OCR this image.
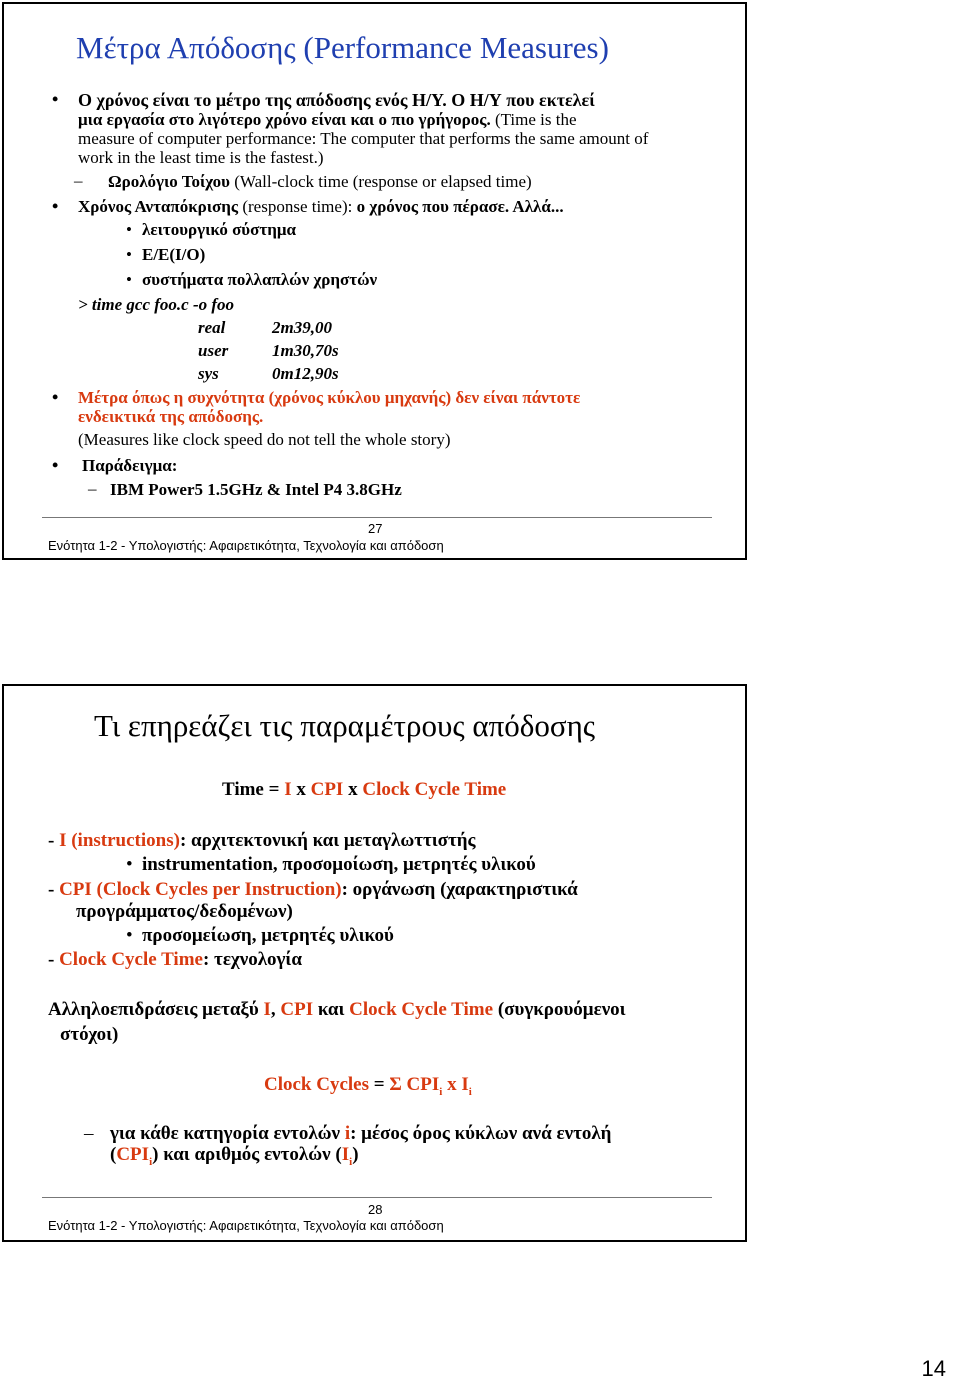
Μέτρα Απόδοσης (Performance Measures)
• Ο χρόνος είναι το μέτρο της απόδοσης ενός Η/Υ. Ο Η/Υ που εκτελεί
μια εργασία στο λιγότερο χρόνο είναι και ο πιο γρήγορος. (Time is the
measure of computer performance: The computer that performs the same amount of
work in the least time is the fastest.)
– Ωρολόγιο Τοίχου (Wall-clock time (response or elapsed time)
• Χρόνος Ανταπόκρισης (response time): ο χρόνος που πέρασε. Αλλά...
• λειτουργικό σύστημα
• Ε/Ε(I/O)
• συστήματα πολλαπλών χρηστών
> time gcc foo.c -o foo
real	2m39,00
user	1m30,70s
sys	0m12,90s
• Μέτρα όπως η συχνότητα (χρόνος κύκλου μηχανής) δεν είναι πάντοτε
ενδεικτικά της απόδοσης.
(Measures like clock speed do not tell the whole story)
• Παράδειγμα:
– IBM Power5 1.5GHz & Intel P4 3.8GHz
27
Ενότητα 1-2 - Υπολογιστής: Αφαιρετικότητα, Τεχνολογία και απόδοση
Τι επηρεάζει τις παραμέτρους απόδοσης
Time = I x CPI x Clock Cycle Time
- I (instructions): αρχιτεκτονική και μεταγλωττιστής
• instrumentation, προσομοίωση, μετρητές υλικού
- CPI (Clock Cycles per Instruction): οργάνωση (χαρακτηριστικά
προγράμματος/δεδομένων)
• προσομείωση, μετρητές υλικού
- Clock Cycle Time: τεχνολογία
Αλληλοεπιδράσεις μεταξύ I, CPI και Clock Cycle Time (συγκρουόμενοι
στόχοι)
Clock Cycles = Σ $CPI_i$ x $I_i$
– για κάθε κατηγορία εντολών i: μέσος όρος κύκλων ανά εντολή
$(CPI_i)$ και αριθμός εντολών $(I_i)$
28
Ενότητα 1-2 - Υπολογιστής: Αφαιρετικότητα, Τεχνολογία και απόδοση
14
